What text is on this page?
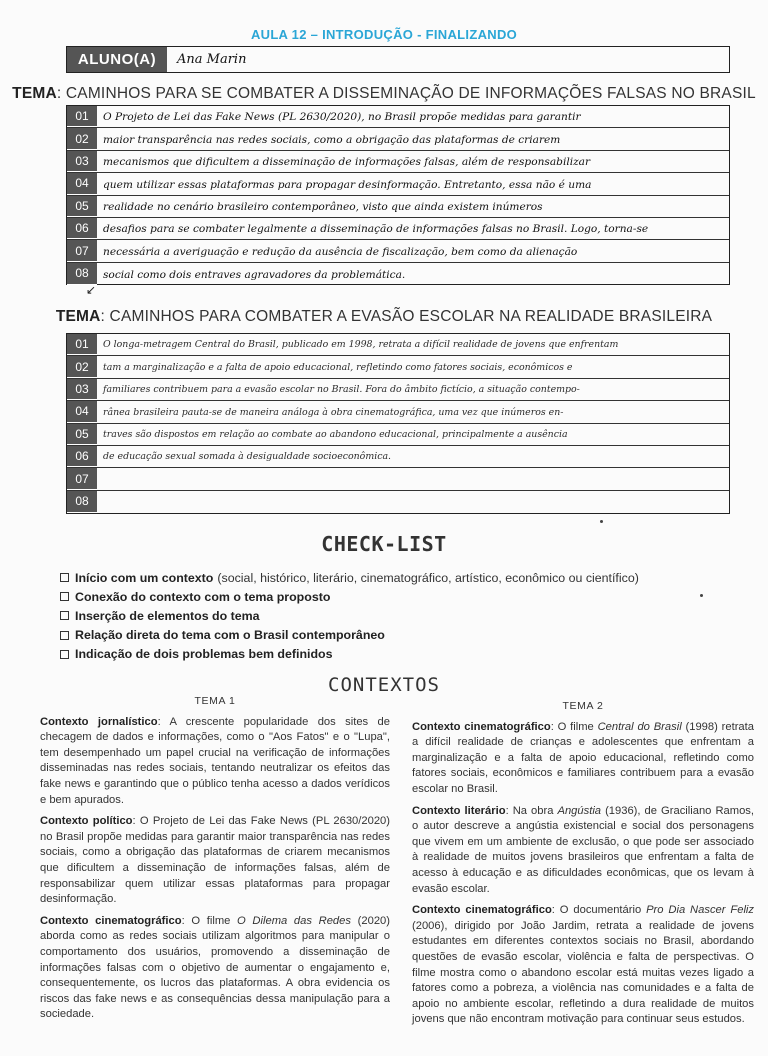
AULA 12 – INTRODUÇÃO - FINALIZANDO
ALUNO(A)	Ana Marin
TEMA: CAMINHOS PARA SE COMBATER A DISSEMINAÇÃO DE INFORMAÇÕES FALSAS NO BRASIL
01	O Projeto de Lei das Fake News (PL 2630/2020), no Brasil propõe medidas para garantir
02	maior transparência nas redes sociais, como a obrigação das plataformas de criarem
03	mecanismos que dificultem a disseminação de informações falsas, além de responsabilizar
04	quem utilizar essas plataformas para propagar desinformação. Entretanto, essa não é uma
05	realidade no cenário brasileiro contemporâneo, visto que ainda existem inúmeros
06	desafios para se combater legalmente a disseminação de informações falsas no Brasil. Logo, torna-se
07	necessária a averiguação e redução da ausência de fiscalização, bem como da alienação
08	social como dois entraves agravadores da problemática.
↙
TEMA: CAMINHOS PARA COMBATER A EVASÃO ESCOLAR NA REALIDADE BRASILEIRA
01	O longa-metragem Central do Brasil, publicado em 1998, retrata a difícil realidade de jovens que enfrentam
02	tam a marginalização e a falta de apoio educacional, refletindo como fatores sociais, econômicos e
03	familiares contribuem para a evasão escolar no Brasil. Fora do âmbito fictício, a situação contempo-
04	rânea brasileira pauta-se de maneira análoga à obra cinematográfica, uma vez que inúmeros en-
05	traves são dispostos em relação ao combate ao abandono educacional, principalmente a ausência
06	de educação sexual somada à desigualdade socioeconômica.
07
08
CHECK-LIST
Início com um contexto (social, histórico, literário, cinematográfico, artístico, econômico ou científico)
Conexão do contexto com o tema proposto
Inserção de elementos do tema
Relação direta do tema com o Brasil contemporâneo
Indicação de dois problemas bem definidos
CONTEXTOS
TEMA 1

Contexto jornalístico: A crescente popularidade dos sites de checagem de dados e informações, como o "Aos Fatos" e o "Lupa", tem desempenhado um papel crucial na verificação de informações disseminadas nas redes sociais, tentando neutralizar os efeitos das fake news e garantindo que o público tenha acesso a dados verídicos e bem apurados.

Contexto político: O Projeto de Lei das Fake News (PL 2630/2020) no Brasil propõe medidas para garantir maior transparência nas redes sociais, como a obrigação das plataformas de criarem mecanismos que dificultem a disseminação de informações falsas, além de responsabilizar quem utilizar essas plataformas para propagar desinformação.

Contexto cinematográfico: O filme O Dilema das Redes (2020) aborda como as redes sociais utilizam algoritmos para manipular o comportamento dos usuários, promovendo a disseminação de informações falsas com o objetivo de aumentar o engajamento e, consequentemente, os lucros das plataformas. A obra evidencia os riscos das fake news e as consequências dessa manipulação para a sociedade.

TEMA 2

Contexto cinematográfico: O filme Central do Brasil (1998) retrata a difícil realidade de crianças e adolescentes que enfrentam a marginalização e a falta de apoio educacional, refletindo como fatores sociais, econômicos e familiares contribuem para a evasão escolar no Brasil.

Contexto literário: Na obra Angústia (1936), de Graciliano Ramos, o autor descreve a angústia existencial e social dos personagens que vivem em um ambiente de exclusão, o que pode ser associado à realidade de muitos jovens brasileiros que enfrentam a falta de acesso à educação e as dificuldades econômicas, que os levam à evasão escolar.

Contexto cinematográfico: O documentário Pro Dia Nascer Feliz (2006), dirigido por João Jardim, retrata a realidade de jovens estudantes em diferentes contextos sociais no Brasil, abordando questões de evasão escolar, violência e falta de perspectivas. O filme mostra como o abandono escolar está muitas vezes ligado a fatores como a pobreza, a violência nas comunidades e a falta de apoio no ambiente escolar, refletindo a dura realidade de muitos jovens que não encontram motivação para continuar seus estudos.
